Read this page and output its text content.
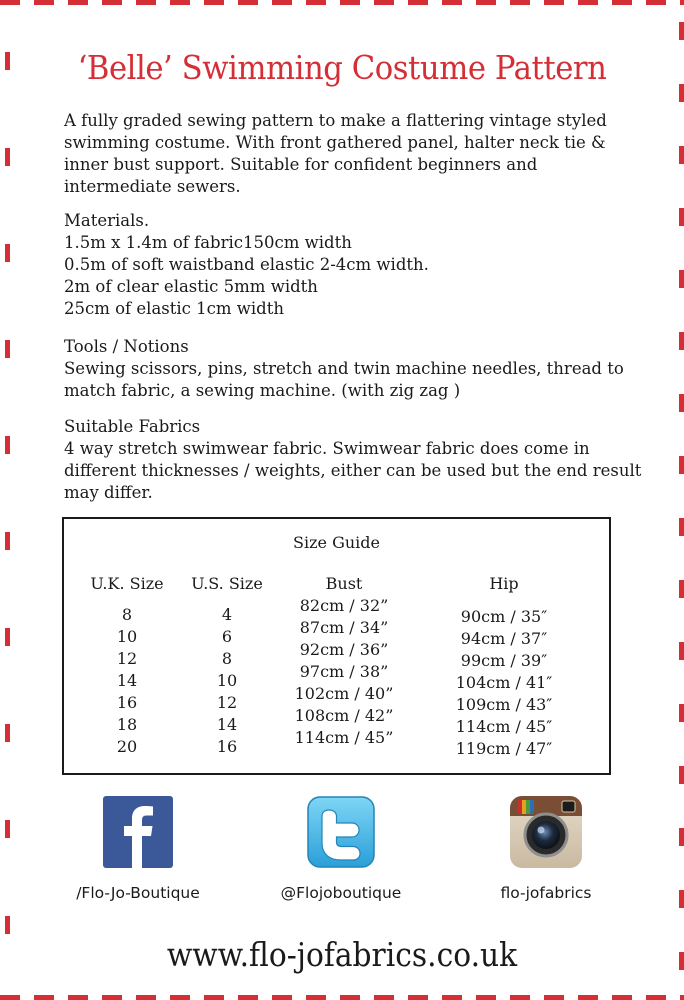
‘Belle’ Swimming Costume Pattern
A fully graded sewing pattern to make a flattering vintage styled swimming costume. With front gathered panel, halter neck tie & inner bust support. Suitable for confident beginners and intermediate sewers.

Materials.

1.5m x 1.4m of fabric150cm width

0.5m of soft waistband elastic 2-4cm width.

2m of clear elastic 5mm width

25cm of elastic 1cm width

Tools / Notions

Sewing scissors, pins, stretch and twin machine needles, thread to match fabric, a sewing machine. (with zig zag )

Suitable Fabrics

4 way stretch swimwear fabric. Swimwear fabric does come in different thicknesses / weights, either can be used but the end result may differ.

Size Guide
U.K. Size
8
10
12
14
16
18
20
U.S. Size
4
6
8
10
12
14
16
Bust
82cm / 32”
87cm / 34”
92cm / 36”
97cm / 38”
102cm / 40”
108cm / 42”
114cm / 45”
Hip
90cm / 35″
94cm / 37″
99cm / 39″
104cm / 41″
109cm / 43″
114cm / 45″
119cm / 47″
/Flo-Jo-Boutique	@Flojoboutique	flo-jofabrics
www.flo-jofabrics.co.uk
